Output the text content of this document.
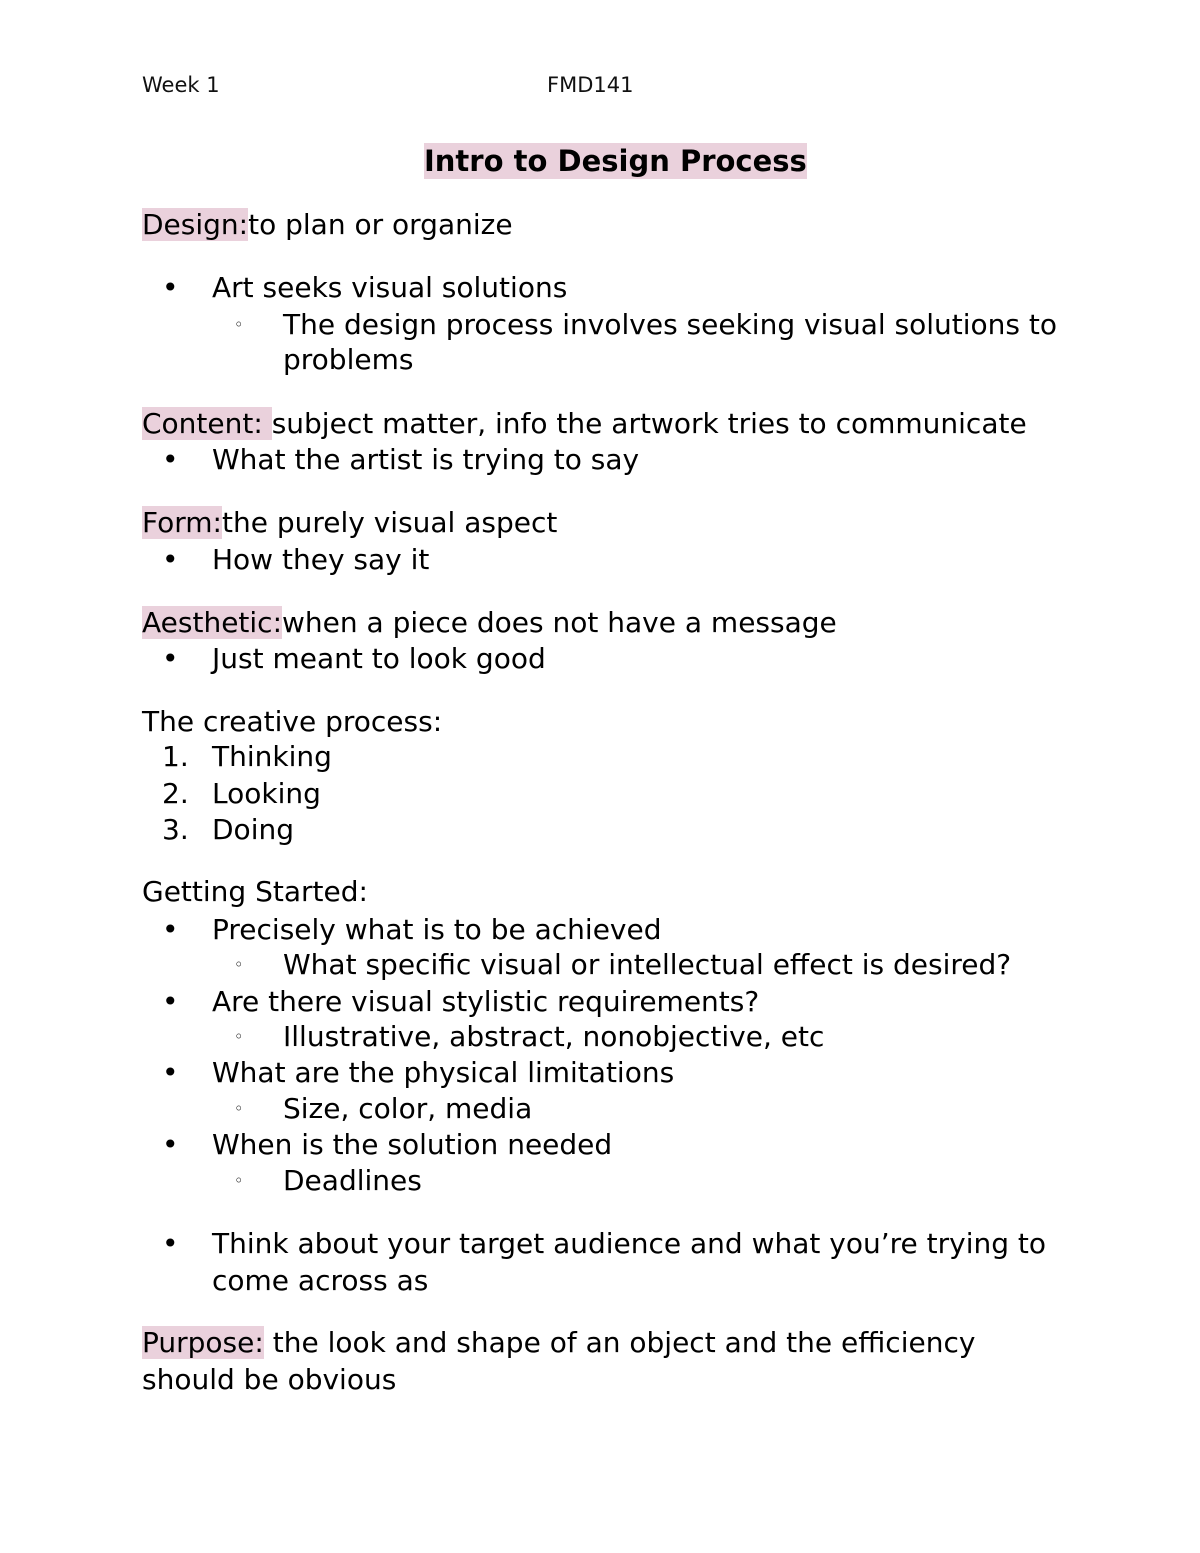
Week 1	FMD141
Intro to Design Process
Design:to plan or organize
•	Art seeks visual solutions
◦	The design process involves seeking visual solutions to
problems
Content: subject matter, info the artwork tries to communicate
•	What the artist is trying to say
Form:the purely visual aspect
•	How they say it
Aesthetic:when a piece does not have a message
•	Just meant to look good
The creative process:
1. Thinking
2. Looking
3. Doing
Getting Started:
•	Precisely what is to be achieved
◦	What specific visual or intellectual effect is desired?
•	Are there visual stylistic requirements?
◦	Illustrative, abstract, nonobjective, etc
•	What are the physical limitations
◦	Size, color, media
•	When is the solution needed
◦	Deadlines
•	Think about your target audience and what you’re trying to
come across as
Purpose: the look and shape of an object and the efficiency
should be obvious
